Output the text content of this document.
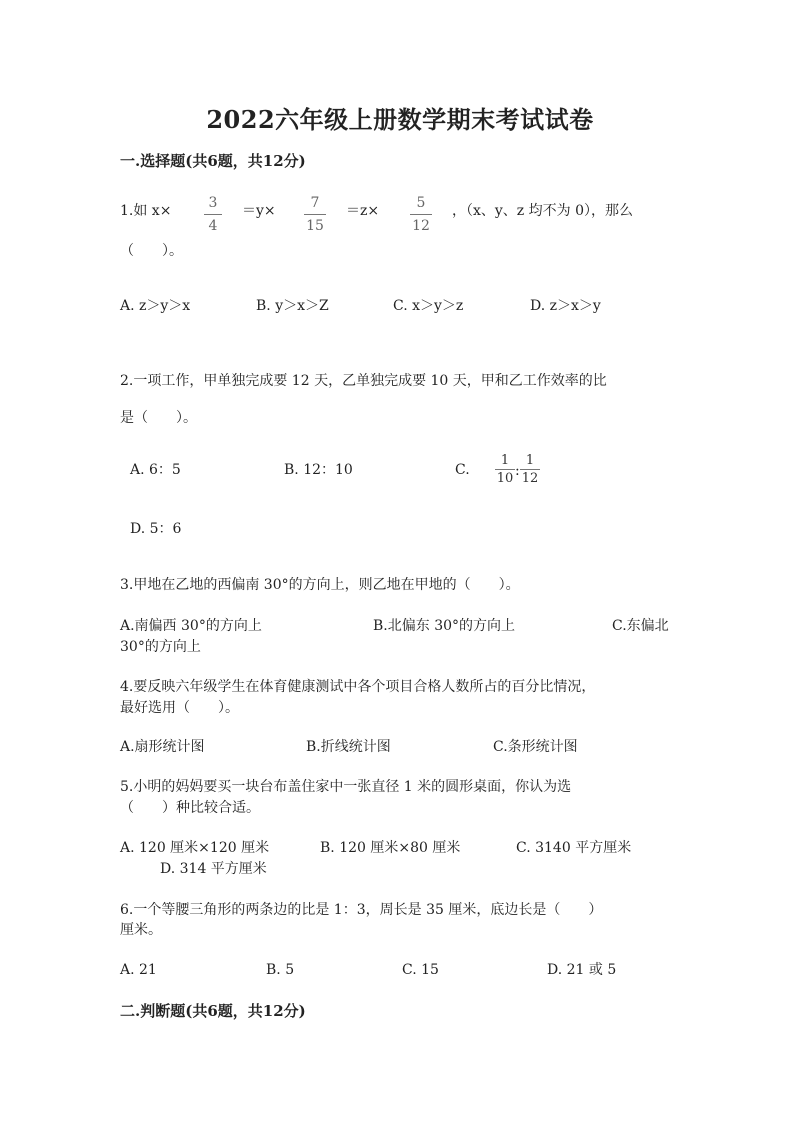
2022六年级上册数学期末考试试卷
一.选择题(共6题，共12分)
1.如 x×	3
4
＝y×	7
15
＝z×	5
12
，（x、y、z 均不为 0），那么
（　　）。
A. z＞y＞x	B. y＞x＞Z	C. x＞y＞z	D. z＞x＞y
2.一项工作，甲单独完成要 12 天，乙单独完成要 10 天，甲和乙工作效率的比
是（　　）。
A. 6：5	B. 12：10	C.
1
10 :
1
12
D. 5：6
3.甲地在乙地的西偏南 30°的方向上，则乙地在甲地的（　　）。
A.南偏西 30°的方向上	B.北偏东 30°的方向上	C.东偏北
30°的方向上
4.要反映六年级学生在体育健康测试中各个项目合格人数所占的百分比情况，
最好选用（　　）。
A.扇形统计图	B.折线统计图	C.条形统计图
5.小明的妈妈要买一块台布盖住家中一张直径 1 米的圆形桌面，你认为选
（　　）种比较合适。
A. 120 厘米×120 厘米	B. 120 厘米×80 厘米	C. 3140 平方厘米
D. 314 平方厘米
6.一个等腰三角形的两条边的比是 1：3，周长是 35 厘米，底边长是（　　）
厘米。
A. 21	B. 5	C. 15	D. 21 或 5
二.判断题(共6题，共12分)
